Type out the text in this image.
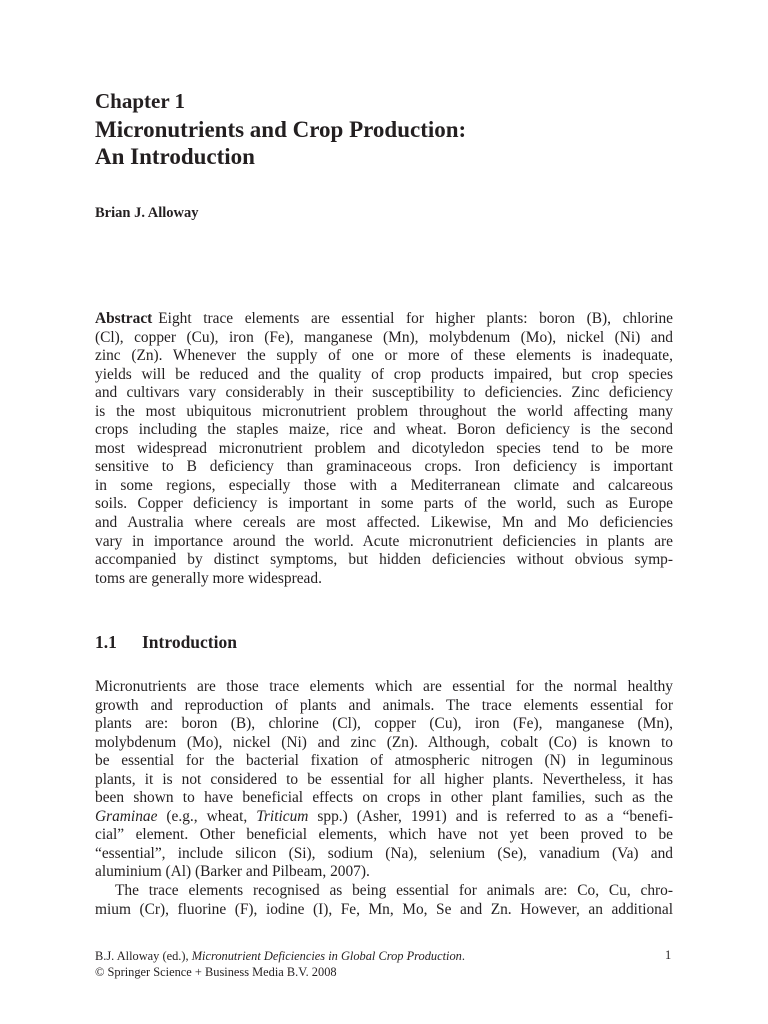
Chapter 1
Micronutrients and Crop Production:
An Introduction
Brian J. Alloway
Abstract Eight trace elements are essential for higher plants: boron (B), chlorine
(Cl), copper (Cu), iron (Fe), manganese (Mn), molybdenum (Mo), nickel (Ni) and
zinc (Zn). Whenever the supply of one or more of these elements is inadequate,
yields will be reduced and the quality of crop products impaired, but crop species
and cultivars vary considerably in their susceptibility to deficiencies. Zinc deficiency
is the most ubiquitous micronutrient problem throughout the world affecting many
crops including the staples maize, rice and wheat. Boron deficiency is the second
most widespread micronutrient problem and dicotyledon species tend to be more
sensitive to B deficiency than graminaceous crops. Iron deficiency is important
in some regions, especially those with a Mediterranean climate and calcareous
soils. Copper deficiency is important in some parts of the world, such as Europe
and Australia where cereals are most affected. Likewise, Mn and Mo deficiencies
vary in importance around the world. Acute micronutrient deficiencies in plants are
accompanied by distinct symptoms, but hidden deficiencies without obvious symp-
toms are generally more widespread.
1.1 Introduction
Micronutrients are those trace elements which are essential for the normal healthy
growth and reproduction of plants and animals. The trace elements essential for
plants are: boron (B), chlorine (Cl), copper (Cu), iron (Fe), manganese (Mn),
molybdenum (Mo), nickel (Ni) and zinc (Zn). Although, cobalt (Co) is known to
be essential for the bacterial fixation of atmospheric nitrogen (N) in leguminous
plants, it is not considered to be essential for all higher plants. Nevertheless, it has
been shown to have beneficial effects on crops in other plant families, such as the
Graminae (e.g., wheat, Triticum spp.) (Asher, 1991) and is referred to as a “benefi-
cial” element. Other beneficial elements, which have not yet been proved to be
“essential”, include silicon (Si), sodium (Na), selenium (Se), vanadium (Va) and
aluminium (Al) (Barker and Pilbeam, 2007).
The trace elements recognised as being essential for animals are: Co, Cu, chro-
mium (Cr), fluorine (F), iodine (I), Fe, Mn, Mo, Se and Zn. However, an additional
B.J. Alloway (ed.), Micronutrient Deficiencies in Global Crop Production.
© Springer Science + Business Media B.V. 2008
1
